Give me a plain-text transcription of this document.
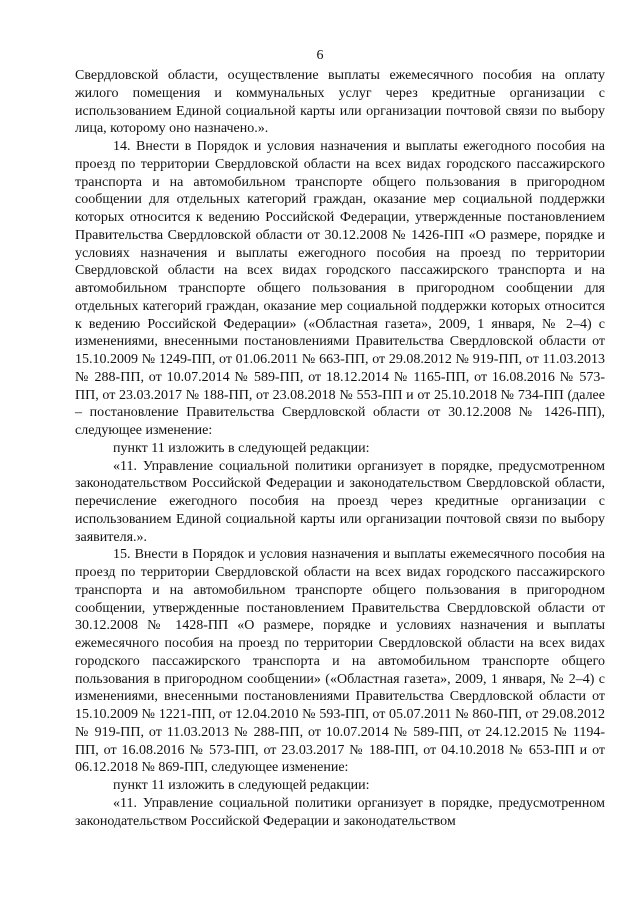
6

Свердловской области, осуществление выплаты ежемесячного пособия на оплату жилого помещения и коммунальных услуг через кредитные организации с использованием Единой социальной карты или организации почтовой связи по выбору лица, которому оно назначено.».

14. Внести в Порядок и условия назначения и выплаты ежегодного пособия на проезд по территории Свердловской области на всех видах городского пассажирского транспорта и на автомобильном транспорте общего пользования в пригородном сообщении для отдельных категорий граждан, оказание мер социальной поддержки которых относится к ведению Российской Федерации, утвержденные постановлением Правительства Свердловской области от 30.12.2008 № 1426-ПП «О размере, порядке и условиях назначения и выплаты ежегодного пособия на проезд по территории Свердловской области на всех видах городского пассажирского транспорта и на автомобильном транспорте общего пользования в пригородном сообщении для отдельных категорий граждан, оказание мер социальной поддержки которых относится к ведению Российской Федерации» («Областная газета», 2009, 1 января, № 2–4) с изменениями, внесенными постановлениями Правительства Свердловской области от 15.10.2009 № 1249-ПП, от 01.06.2011 № 663-ПП, от 29.08.2012 № 919-ПП, от 11.03.2013 № 288-ПП, от 10.07.2014 № 589-ПП, от 18.12.2014 № 1165-ПП, от 16.08.2016 № 573-ПП, от 23.03.2017 № 188-ПП, от 23.08.2018 № 553-ПП и от 25.10.2018 № 734-ПП (далее – постановление Правительства Свердловской области от 30.12.2008 № 1426-ПП), следующее изменение:

пункт 11 изложить в следующей редакции:

«11. Управление социальной политики организует в порядке, предусмотренном законодательством Российской Федерации и законодательством Свердловской области, перечисление ежегодного пособия на проезд через кредитные организации с использованием Единой социальной карты или организации почтовой связи по выбору заявителя.».

15. Внести в Порядок и условия назначения и выплаты ежемесячного пособия на проезд по территории Свердловской области на всех видах городского пассажирского транспорта и на автомобильном транспорте общего пользования в пригородном сообщении, утвержденные постановлением Правительства Свердловской области от 30.12.2008 № 1428-ПП «О размере, порядке и условиях назначения и выплаты ежемесячного пособия на проезд по территории Свердловской области на всех видах городского пассажирского транспорта и на автомобильном транспорте общего пользования в пригородном сообщении» («Областная газета», 2009, 1 января, № 2–4) с изменениями, внесенными постановлениями Правительства Свердловской области от 15.10.2009 № 1221-ПП, от 12.04.2010 № 593-ПП, от 05.07.2011 № 860-ПП, от 29.08.2012 № 919-ПП, от 11.03.2013 № 288-ПП, от 10.07.2014 № 589-ПП, от 24.12.2015 № 1194-ПП, от 16.08.2016 № 573-ПП, от 23.03.2017 № 188-ПП, от 04.10.2018 № 653-ПП и от 06.12.2018 № 869-ПП, следующее изменение:

пункт 11 изложить в следующей редакции:

«11. Управление социальной политики организует в порядке, предусмотренном законодательством Российской Федерации и законодательством
